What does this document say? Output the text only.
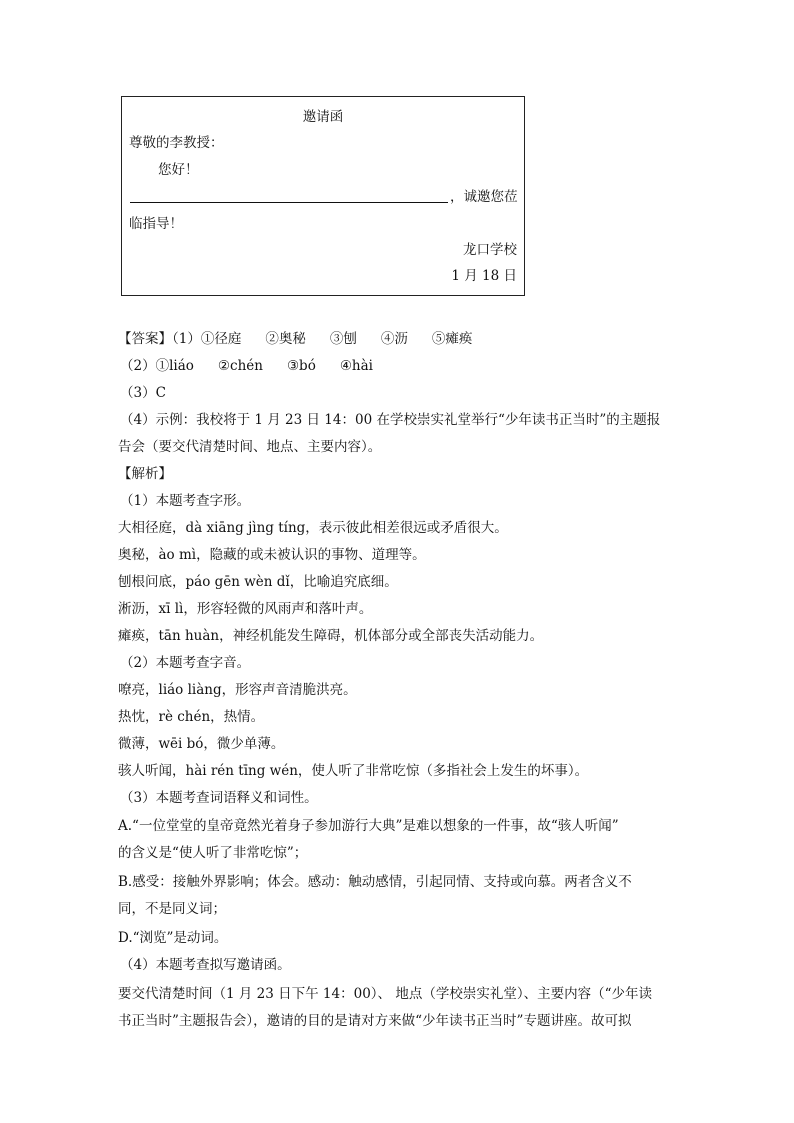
邀请函
尊敬的李教授：
您好！
，诚邀您莅
临指导！
龙口学校
1 月 18 日
【答案】（1）①径庭 ②奥秘 ③刨 ④沥 ⑤瘫痪
（2）①liáo ②chén ③bó ④hài
（3）C
（4）示例：我校将于 1 月 23 日 14：00 在学校崇实礼堂举行“少年读书正当时”的主题报
告会（要交代清楚时间、地点、主要内容）。
【解析】
（1）本题考查字形。
大相径庭，dà xiāng jìng tíng，表示彼此相差很远或矛盾很大。
奥秘，ào mì，隐藏的或未被认识的事物、道理等。
刨根问底，páo gēn wèn dǐ，比喻追究底细。
淅沥，xī lì，形容轻微的风雨声和落叶声。
瘫痪，tān huàn，神经机能发生障碍，机体部分或全部丧失活动能力。
（2）本题考查字音。
嘹亮，liáo liàng，形容声音清脆洪亮。
热忱，rè chén，热情。
微薄，wēi bó，微少单薄。
骇人听闻，hài rén tīng wén，使人听了非常吃惊（多指社会上发生的坏事）。
（3）本题考查词语释义和词性。
A.“一位堂堂的皇帝竟然光着身子参加游行大典”是难以想象的一件事，故“骇人听闻”
的含义是“使人听了非常吃惊”；
B.感受：接触外界影响；体会。感动：触动感情，引起同情、支持或向慕。两者含义不
同，不是同义词；
D.“浏览”是动词。
（4）本题考查拟写邀请函。
要交代清楚时间（1 月 23 日下午 14：00）、 地点（学校崇实礼堂）、主要内容（“少年读
书正当时”主题报告会），邀请的目的是请对方来做“少年读书正当时”专题讲座。故可拟
